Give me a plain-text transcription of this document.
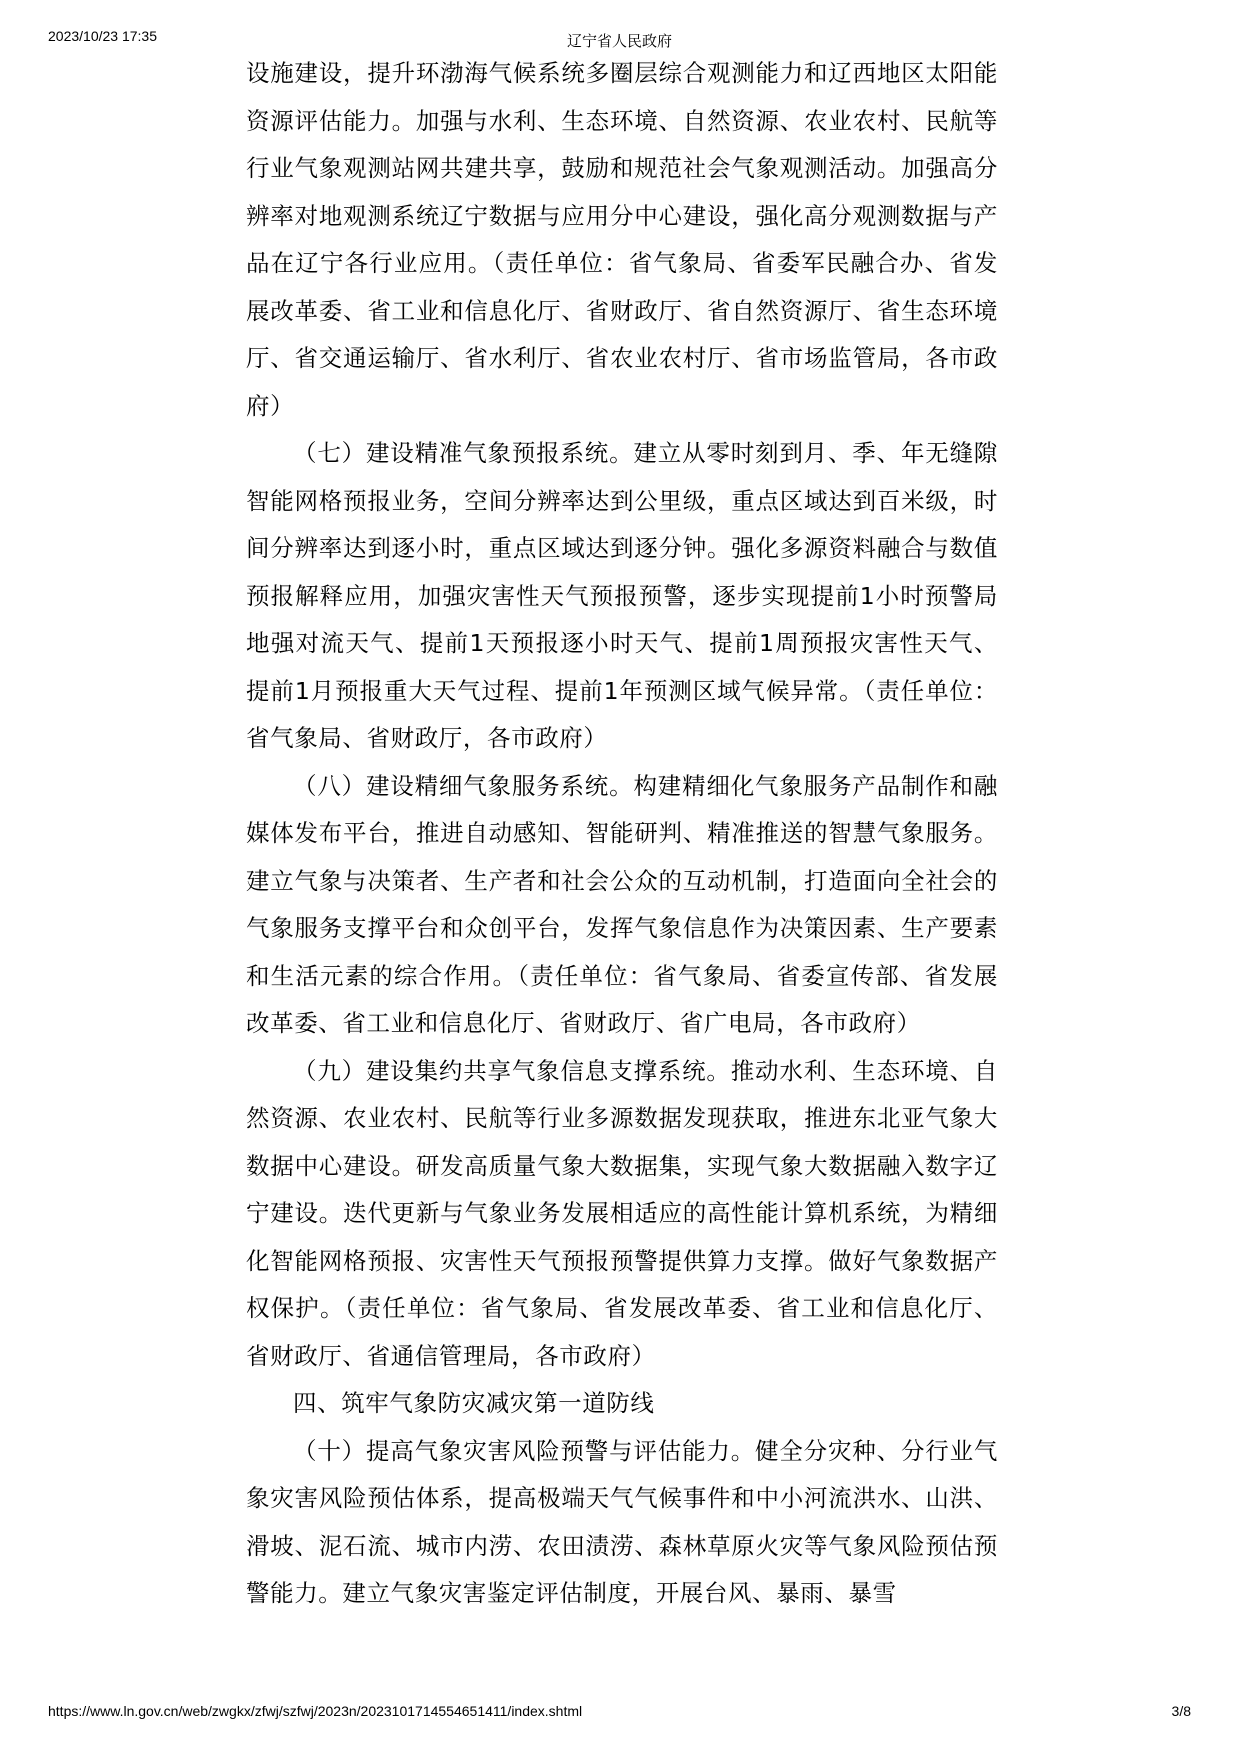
2023/10/23 17:35	辽宁省人民政府

设施建设，提升环渤海气候系统多圈层综合观测能力和辽西地区太阳能资源评估能力。加强与水利、生态环境、自然资源、农业农村、民航等行业气象观测站网共建共享，鼓励和规范社会气象观测活动。加强高分辨率对地观测系统辽宁数据与应用分中心建设，强化高分观测数据与产品在辽宁各行业应用。（责任单位：省气象局、省委军民融合办、省发展改革委、省工业和信息化厅、省财政厅、省自然资源厅、省生态环境厅、省交通运输厅、省水利厅、省农业农村厅、省市场监管局，各市政府）

（七）建设精准气象预报系统。建立从零时刻到月、季、年无缝隙智能网格预报业务，空间分辨率达到公里级，重点区域达到百米级，时间分辨率达到逐小时，重点区域达到逐分钟。强化多源资料融合与数值预报解释应用，加强灾害性天气预报预警，逐步实现提前1小时预警局地强对流天气、提前1天预报逐小时天气、提前1周预报灾害性天气、提前1月预报重大天气过程、提前1年预测区域气候异常。（责任单位：省气象局、省财政厅，各市政府）

（八）建设精细气象服务系统。构建精细化气象服务产品制作和融媒体发布平台，推进自动感知、智能研判、精准推送的智慧气象服务。建立气象与决策者、生产者和社会公众的互动机制，打造面向全社会的气象服务支撑平台和众创平台，发挥气象信息作为决策因素、生产要素和生活元素的综合作用。（责任单位：省气象局、省委宣传部、省发展改革委、省工业和信息化厅、省财政厅、省广电局，各市政府）

（九）建设集约共享气象信息支撑系统。推动水利、生态环境、自然资源、农业农村、民航等行业多源数据发现获取，推进东北亚气象大数据中心建设。研发高质量气象大数据集，实现气象大数据融入数字辽宁建设。迭代更新与气象业务发展相适应的高性能计算机系统，为精细化智能网格预报、灾害性天气预报预警提供算力支撑。做好气象数据产权保护。（责任单位：省气象局、省发展改革委、省工业和信息化厅、省财政厅、省通信管理局，各市政府）

四、筑牢气象防灾减灾第一道防线

（十）提高气象灾害风险预警与评估能力。健全分灾种、分行业气象灾害风险预估体系，提高极端天气气候事件和中小河流洪水、山洪、滑坡、泥石流、城市内涝、农田渍涝、森林草原火灾等气象风险预估预警能力。建立气象灾害鉴定评估制度，开展台风、暴雨、暴雪

https://www.ln.gov.cn/web/zwgkx/zfwj/szfwj/2023n/2023101714554651411/index.shtml	3/8
